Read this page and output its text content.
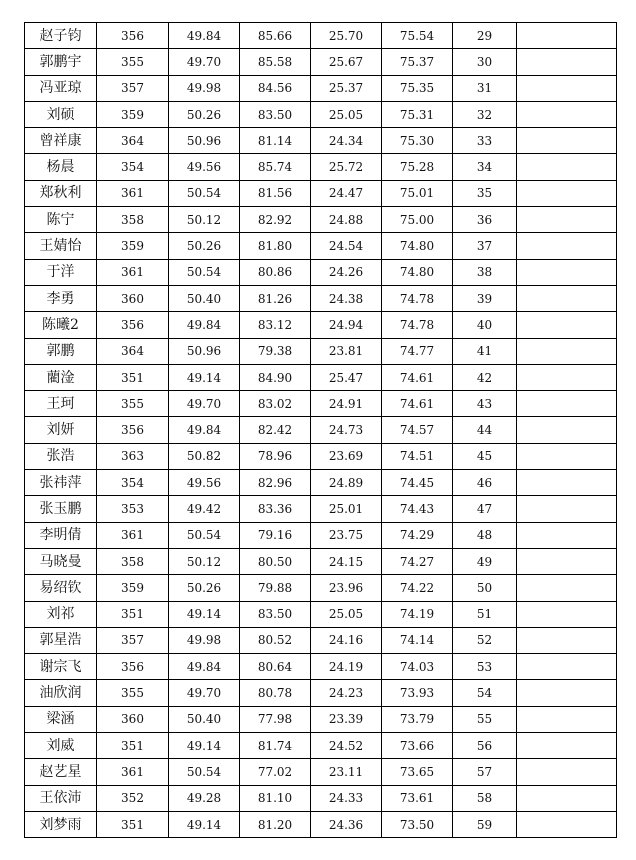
赵子钧	356	49.84	85.66	25.70	75.54	29	
郭鹏宇	355	49.70	85.58	25.67	75.37	30	
冯亚琼	357	49.98	84.56	25.37	75.35	31	
刘硕	359	50.26	83.50	25.05	75.31	32	
曾祥康	364	50.96	81.14	24.34	75.30	33	
杨晨	354	49.56	85.74	25.72	75.28	34	
郑秋利	361	50.54	81.56	24.47	75.01	35	
陈宁	358	50.12	82.92	24.88	75.00	36	
王婧怡	359	50.26	81.80	24.54	74.80	37	
于洋	361	50.54	80.86	24.26	74.80	38	
李勇	360	50.40	81.26	24.38	74.78	39	
陈曦2	356	49.84	83.12	24.94	74.78	40	
郭鹏	364	50.96	79.38	23.81	74.77	41	
藺淦	351	49.14	84.90	25.47	74.61	42	
王珂	355	49.70	83.02	24.91	74.61	43	
刘妍	356	49.84	82.42	24.73	74.57	44	
张浩	363	50.82	78.96	23.69	74.51	45	
张祎萍	354	49.56	82.96	24.89	74.45	46	
张玉鹏	353	49.42	83.36	25.01	74.43	47	
李明倩	361	50.54	79.16	23.75	74.29	48	
马晓曼	358	50.12	80.50	24.15	74.27	49	
易绍钦	359	50.26	79.88	23.96	74.22	50	
刘祁	351	49.14	83.50	25.05	74.19	51	
郭星浩	357	49.98	80.52	24.16	74.14	52	
谢宗飞	356	49.84	80.64	24.19	74.03	53	
油欣润	355	49.70	80.78	24.23	73.93	54	
梁涵	360	50.40	77.98	23.39	73.79	55	
刘威	351	49.14	81.74	24.52	73.66	56	
赵艺星	361	50.54	77.02	23.11	73.65	57	
王依沛	352	49.28	81.10	24.33	73.61	58	
刘梦雨	351	49.14	81.20	24.36	73.50	59	
